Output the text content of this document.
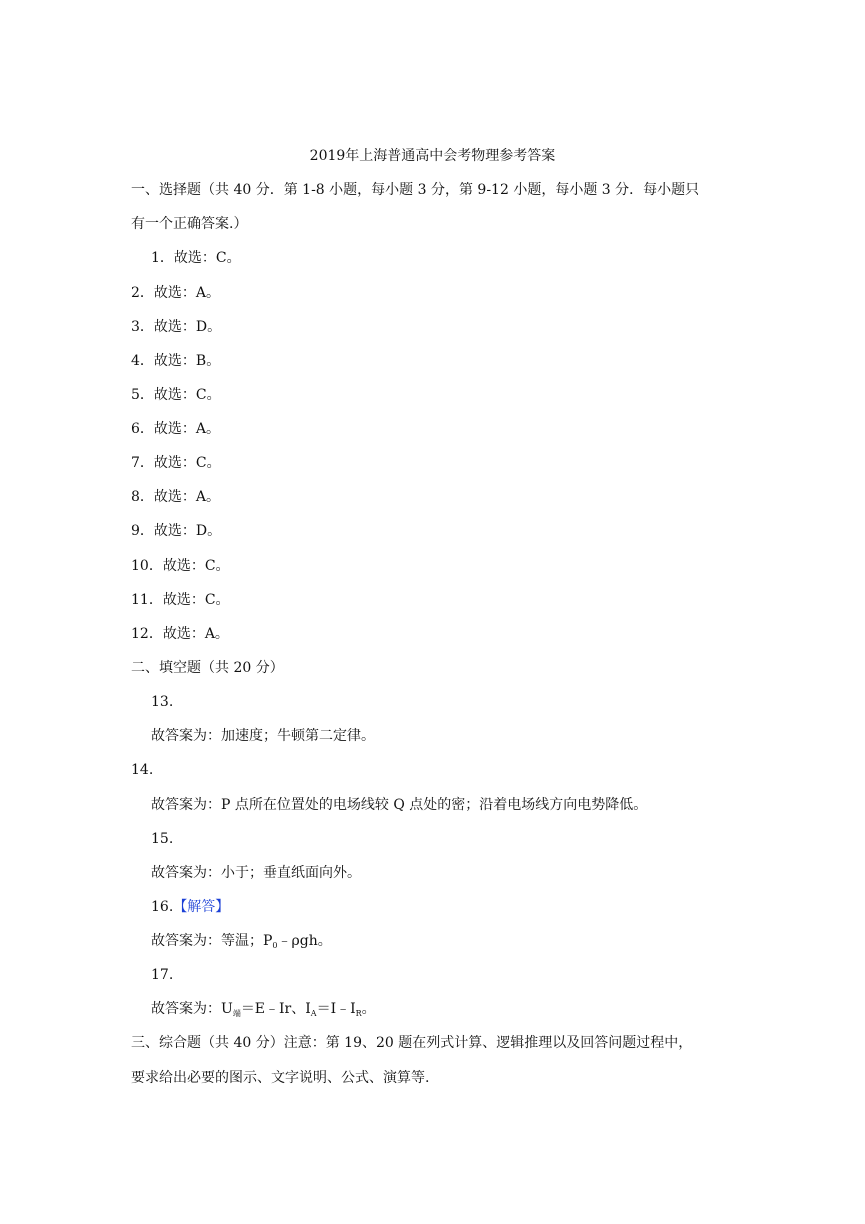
2019年上海普通高中会考物理参考答案
一、选择题（共 40 分．第 1-8 小题，每小题 3 分，第 9-12 小题，每小题 3 分．每小题只
有一个正确答案.）
1．故选：C。
2．故选：A。
3．故选：D。
4．故选：B。
5．故选：C。
6．故选：A。
7．故选：C。
8．故选：A。
9．故选：D。
10．故选：C。
11．故选：C。
12．故选：A。
二、填空题（共 20 分）
13.
故答案为：加速度；牛顿第二定律。
14.
故答案为：P 点所在位置处的电场线较 Q 点处的密；沿着电场线方向电势降低。
15.
故答案为：小于；垂直纸面向外。
16.【解答】
故答案为：等温；$P_0﹣\rho gh$。
17.
故答案为：$U_端=E﹣Ir$、$I_A=I﹣I_R$。
三、综合题（共 40 分）注意：第 19、20 题在列式计算、逻辑推理以及回答问题过程中，
要求给出必要的图示、文字说明、公式、演算等.
